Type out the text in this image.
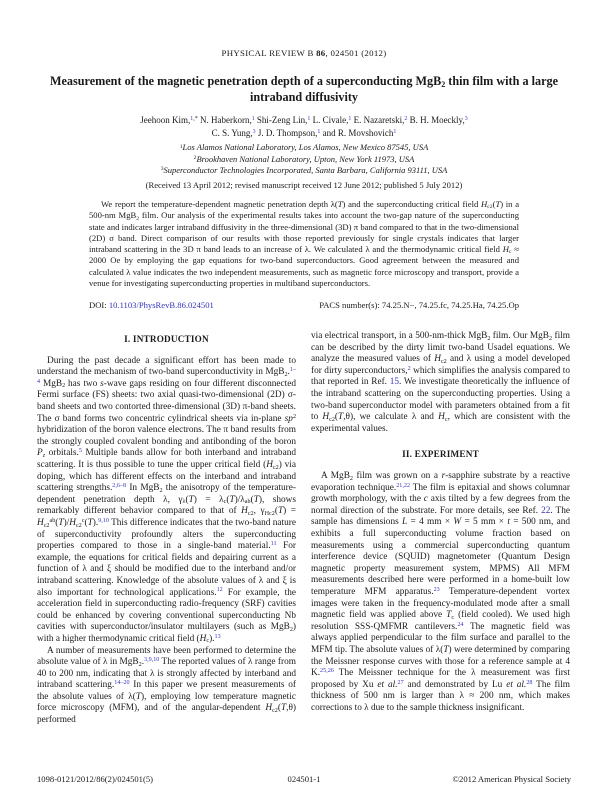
PHYSICAL REVIEW B 86, 024501 (2012)
Measurement of the magnetic penetration depth of a superconducting MgB$_2$ thin film with a large intraband diffusivity
Jeehoon Kim,$^{1,*}$ N. Haberkorn,$^1$ Shi-Zeng Lin,$^1$ L. Civale,$^1$ E. Nazaretski,$^2$ B. H. Moeckly,$^3$
C. S. Yung,$^3$ J. D. Thompson,$^1$ and R. Movshovich$^1$
$^1$Los Alamos National Laboratory, Los Alamos, New Mexico 87545, USA
$^2$Brookhaven National Laboratory, Upton, New York 11973, USA
$^3$Superconductor Technologies Incorporated, Santa Barbara, California 93111, USA
(Received 13 April 2012; revised manuscript received 12 June 2012; published 5 July 2012)
We report the temperature-dependent magnetic penetration depth λ(T) and the superconducting critical field $H_{c2}(T)$ in a 500-nm MgB$_2$ film. Our analysis of the experimental results takes into account the two-gap nature of the superconducting state and indicates larger intraband diffusivity in the three-dimensional (3D) π band compared to that in the two-dimensional (2D) σ band. Direct comparison of our results with those reported previously for single crystals indicates that larger intraband scattering in the 3D π band leads to an increase of λ. We calculated λ and the thermodynamic critical field $H_c \approx 2000$ Oe by employing the gap equations for two-band superconductors. Good agreement between the measured and calculated λ value indicates the two independent measurements, such as magnetic force microscopy and transport, provide a venue for investigating superconducting properties in multiband superconductors.
DOI: 10.1103/PhysRevB.86.024501	PACS number(s): 74.25.N−, 74.25.fc, 74.25.Ha, 74.25.Op
I. INTRODUCTION

During the past decade a significant effort has been made to understand the mechanism of two-band superconductivity in MgB$_2$.$^{1-4}$ MgB$_2$ has two s-wave gaps residing on four different disconnected Fermi surface (FS) sheets: two axial quasi-two-dimensional (2D) σ-band sheets and two contorted three-dimensional (3D) π-band sheets. The σ band forms two concentric cylindrical sheets via in-plane $sp^2$ hybridization of the boron valence electrons. The π band results from the strongly coupled covalent bonding and antibonding of the boron $P_z$ orbitals.$^5$ Multiple bands allow for both interband and intraband scattering. It is thus possible to tune the upper critical field $(H_{c2})$ via doping, which has different effects on the interband and intraband scattering strengths.$^{2,6-8}$ In MgB$_2$ the anisotropy of the temperature-dependent penetration depth λ, $\gamma_\lambda(T) = \lambda_c(T)/\lambda_{ab}(T)$, shows remarkably different behavior compared to that of $H_{c2}$, $\gamma_{Hc2}(T) = H_{c2}^{ab}(T)/H_{c2}^c(T).^{9,10}$ This difference indicates that the two-band nature of superconductivity profoundly alters the superconducting properties compared to those in a single-band material.$^{11}$ For example, the equations for critical fields and depairing current as a function of λ and ξ should be modified due to the interband and/or intraband scattering. Knowledge of the absolute values of λ and ξ is also important for technological applications.$^{12}$ For example, the acceleration field in superconducting radio-frequency (SRF) cavities could be enhanced by covering conventional superconducting Nb cavities with superconductor/insulator multilayers (such as MgB$_2$) with a higher thermodynamic critical field $(H_c).^{13}$

A number of measurements have been performed to determine the absolute value of λ in MgB$_2$.$^{3,9,10}$ The reported values of λ range from 40 to 200 nm, indicating that λ is strongly affected by interband and intraband scattering.$^{14-20}$ In this paper we present measurements of the absolute values of λ(T), employing low temperature magnetic force microscopy (MFM), and of the angular-dependent $H_{c2}(T,\theta)$ performed

via electrical transport, in a 500-nm-thick MgB$_2$ film. Our MgB$_2$ film can be described by the dirty limit two-band Usadel equations. We analyze the measured values of $H_{c2}$ and λ using a model developed for dirty superconductors,$^2$ which simplifies the analysis compared to that reported in Ref. 15. We investigate theoretically the influence of the intraband scattering on the superconducting properties. Using a two-band superconductor model with parameters obtained from a fit to $H_{c2}(T,\theta)$, we calculate λ and $H_c$, which are consistent with the experimental values.

II. EXPERIMENT

A MgB$_2$ film was grown on a r-sapphire substrate by a reactive evaporation technique.$^{21,22}$ The film is epitaxial and shows columnar growth morphology, with the c axis tilted by a few degrees from the normal direction of the substrate. For more details, see Ref. 22. The sample has dimensions L = 4 mm × W = 5 mm × t = 500 nm, and exhibits a full superconducting volume fraction based on measurements using a commercial superconducting quantum interference device (SQUID) magnetometer (Quantum Design magnetic property measurement system, MPMS) All MFM measurements described here were performed in a home-built low temperature MFM apparatus.$^{23}$ Temperature-dependent vortex images were taken in the frequency-modulated mode after a small magnetic field was applied above $T_c$ (field cooled). We used high resolution SSS-QMFMR cantilevers.$^{24}$ The magnetic field was always applied perpendicular to the film surface and parallel to the MFM tip. The absolute values of λ(T) were determined by comparing the Meissner response curves with those for a reference sample at 4 K.$^{25,26}$ The Meissner technique for the λ measurement was first proposed by Xu et al.$^{27}$ and demonstrated by Lu et al.$^{28}$ The film thickness of 500 nm is larger than λ ≈ 200 nm, which makes corrections to λ due to the sample thickness insignificant.

1098-0121/2012/86(2)/024501(5)	024501-1	©2012 American Physical Society
